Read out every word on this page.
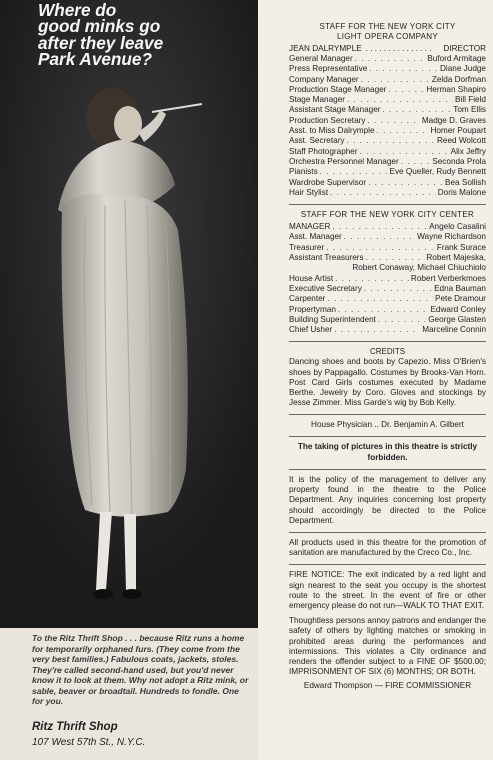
Where do
good minks go
after they leave
Park Avenue?

To the Ritz Thrift Shop . . . because Ritz runs a home for temporarily orphaned furs. (They come from the very best families.) Fabulous coats, jackets, stoles. They're called second-hand used, but you'd never know it to look at them. Why not adopt a Ritz mink, or sable, beaver or broadtail. Hundreds to fondle. One for you.

Ritz Thrift Shop

107 West 57th St., N.Y.C.

STAFF FOR THE NEW YORK CITY

LIGHT OPERA COMPANY

JEAN DALRYMPLE . . . . . . . . . . . . . . .	DIRECTOR
General Manager . . .	Buford Armitage
Press Representative . . .	Diane Judge
Company Manager . . .	Zelda Dorfman
Production Stage Manager . . .	Herman Shapiro
Stage Manager . . .	Bill Field
Assistant Stage Manager . . .	Tom Ellis
Production Secretary . . .	Madge D. Graves
Asst. to Miss Dalrymple . . .	Homer Poupart
Asst. Secretary . . .	Reed Wolcott
Staff Photographer . . .	Alix Jeffry
Orchestra Personnel Manager . . .	Seconda Prola
Pianists . . .	Eve Queller, Rudy Bennett
Wardrobe Supervisor . . .	Bea Sollish
Hair Stylist . . .	Doris Malone

STAFF FOR THE NEW YORK CITY CENTER

MANAGER . . .	Angelo Casalini
Asst. Manager . . .	Wayne Richardson
Treasurer . . .	Frank Surace
Assistant Treasurers . . .	Robert Majeska,
Robert Conaway, Michael Chiuchiolo
House Artist . . .	Robert Verberkmoes
Executive Secretary . . .	Edna Bauman
Carpenter . . .	Pete Dramour
Propertyman . . .	Edward Conley
Building Superintendent . . .	George Glasten
Chief Usher . . .	Marceline Connin

CREDITS

Dancing shoes and boots by Capezio. Miss O'Brien's shoes by Pappagallo. Costumes by Brooks-Van Horn. Post Card Girls costumes executed by Madame Berthe. Jewelry by Coro. Gloves and stockings by Jesse Zimmer. Miss Garde's wig by Bob Kelly.

House Physician .. Dr. Benjamin A. Gilbert

The taking of pictures in this theatre is strictly forbidden.

It is the policy of the management to deliver any property found in the theatre to the Police Department. Any inquiries concerning lost property should accordingly be directed to the Police Department.

All products used in this theatre for the promotion of sanitation are manufactured by the Creco Co., Inc.

FIRE NOTICE: The exit indicated by a red light and sign nearest to the seat you occupy is the shortest route to the street. In the event of fire or other emergency please do not run—WALK TO THAT EXIT.

Thoughtless persons annoy patrons and endanger the safety of others by lighting matches or smoking in prohibited areas during the performances and intermissions. This violates a City ordinance and renders the offender subject to a FINE OF $500.00; IMPRISONMENT OF SIX (6) MONTHS; OR BOTH.

Edward Thompson — FIRE COMMISSIONER
